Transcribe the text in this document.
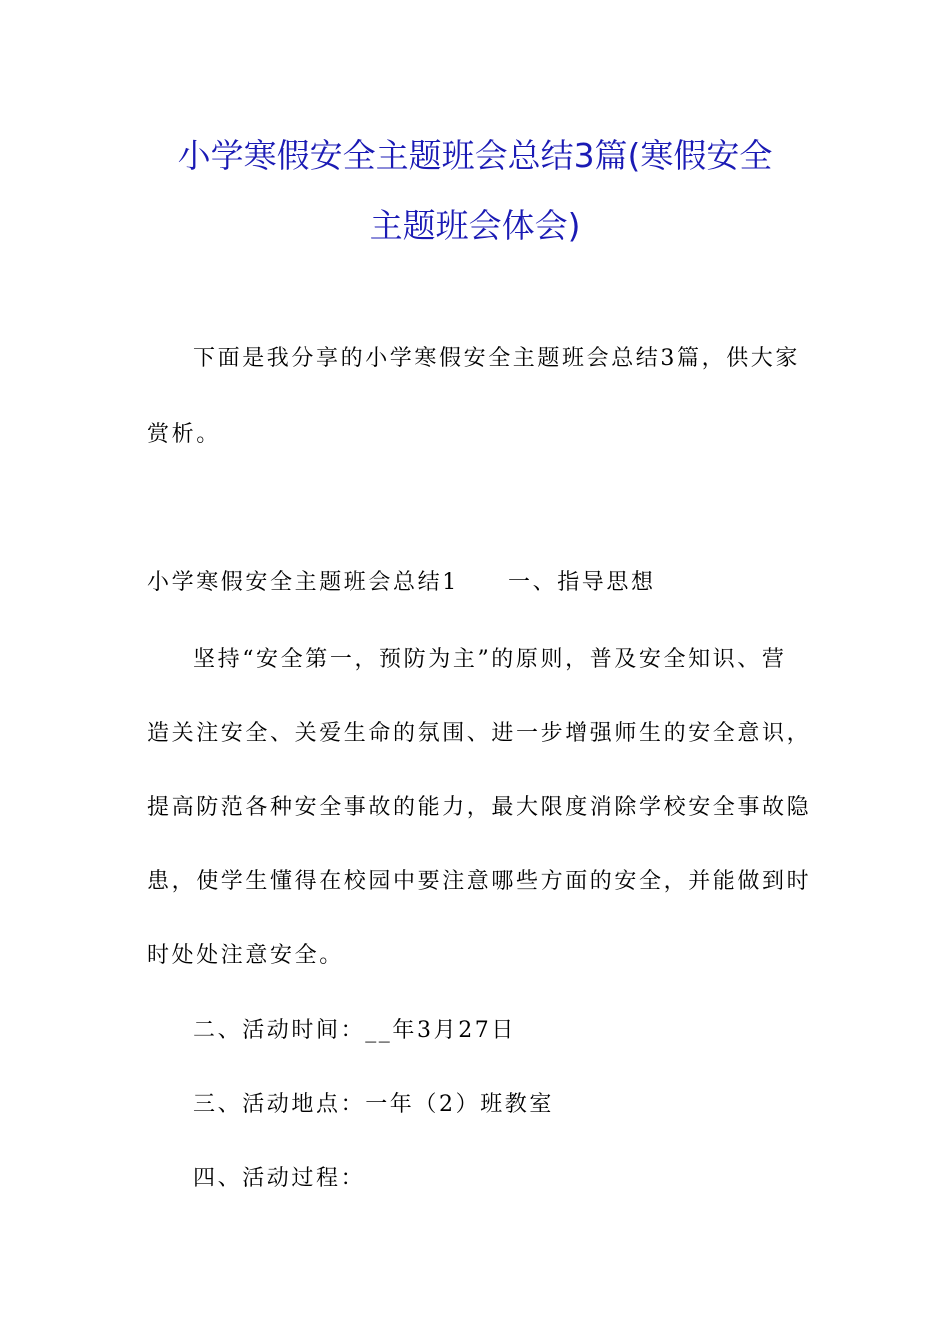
小学寒假安全主题班会总结3篇(寒假安全
主题班会体会)

下面是我分享的小学寒假安全主题班会总结3篇，供大家

赏析。

小学寒假安全主题班会总结1　　一、指导思想

坚持“安全第一，预防为主”的原则，普及安全知识、营

造关注安全、关爱生命的氛围、进一步增强师生的安全意识，

提高防范各种安全事故的能力，最大限度消除学校安全事故隐

患，使学生懂得在校园中要注意哪些方面的安全，并能做到时

时处处注意安全。

二、活动时间：__年3月27日

三、活动地点：一年（2）班教室

四、活动过程：
